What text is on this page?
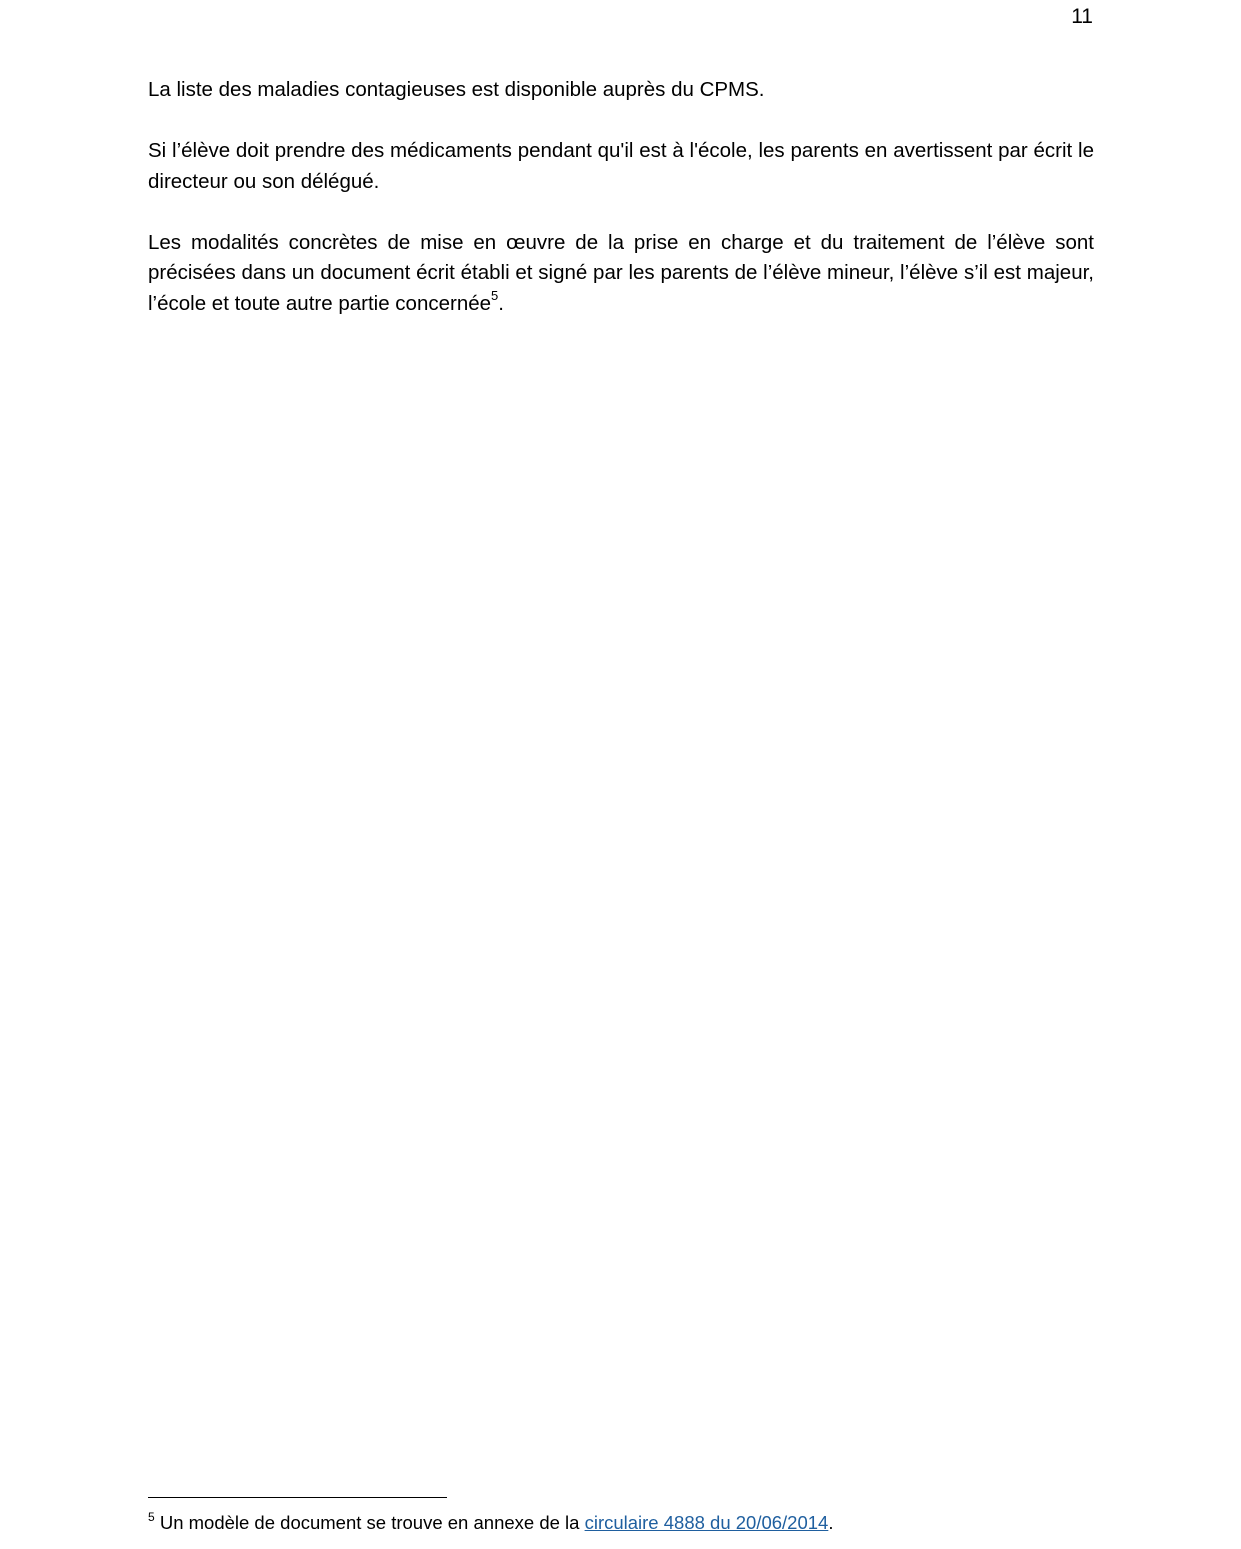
11

La liste des maladies contagieuses est disponible auprès du CPMS.

Si l’élève doit prendre des médicaments pendant qu'il est à l'école, les parents en avertissent par écrit le directeur ou son délégué.

Les modalités concrètes de mise en œuvre de la prise en charge et du traitement de l’élève sont précisées dans un document écrit établi et signé par les parents de l’élève mineur, l’élève s’il est majeur, l’école et toute autre partie concernée$^5$.

$^5$ Un modèle de document se trouve en annexe de la circulaire 4888 du 20/06/2014.
